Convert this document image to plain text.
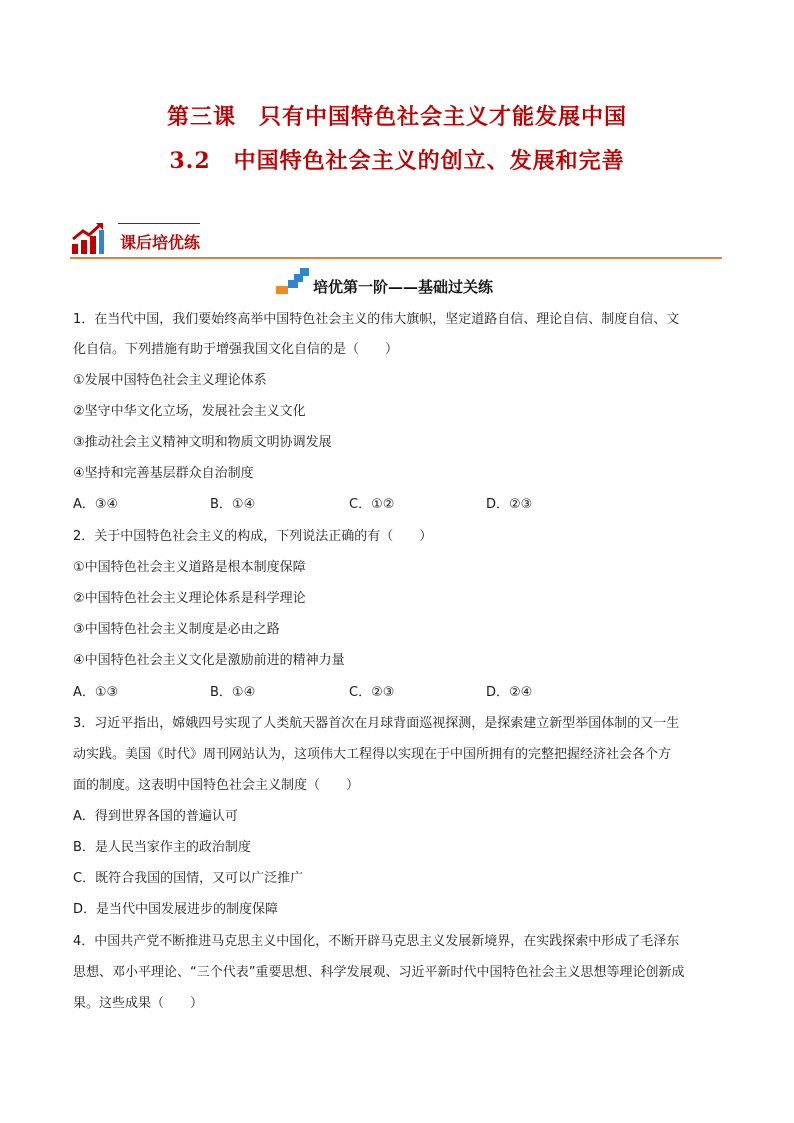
第三课　只有中国特色社会主义才能发展中国
3.2　中国特色社会主义的创立、发展和完善
课后培优练
培优第一阶——基础过关练
1．在当代中国，我们要始终高举中国特色社会主义的伟大旗帜，坚定道路自信、理论自信、制度自信、文
化自信。下列措施有助于增强我国文化自信的是（　　）
①发展中国特色社会主义理论体系
②坚守中华文化立场，发展社会主义文化
③推动社会主义精神文明和物质文明协调发展
④坚持和完善基层群众自治制度
A．③④	B．①④	C．①②	D．②③
2．关于中国特色社会主义的构成，下列说法正确的有（　　）
①中国特色社会主义道路是根本制度保障
②中国特色社会主义理论体系是科学理论
③中国特色社会主义制度是必由之路
④中国特色社会主义文化是激励前进的精神力量
A．①③	B．①④	C．②③	D．②④
3．习近平指出，嫦娥四号实现了人类航天器首次在月球背面巡视探测，是探索建立新型举国体制的又一生
动实践。美国《时代》周刊网站认为，这项伟大工程得以实现在于中国所拥有的完整把握经济社会各个方
面的制度。这表明中国特色社会主义制度（　　）
A．得到世界各国的普遍认可
B．是人民当家作主的政治制度
C．既符合我国的国情，又可以广泛推广
D．是当代中国发展进步的制度保障
4．中国共产党不断推进马克思主义中国化，不断开辟马克思主义发展新境界，在实践探索中形成了毛泽东
思想、邓小平理论、“三个代表”重要思想、科学发展观、习近平新时代中国特色社会主义思想等理论创新成
果。这些成果（　　）
